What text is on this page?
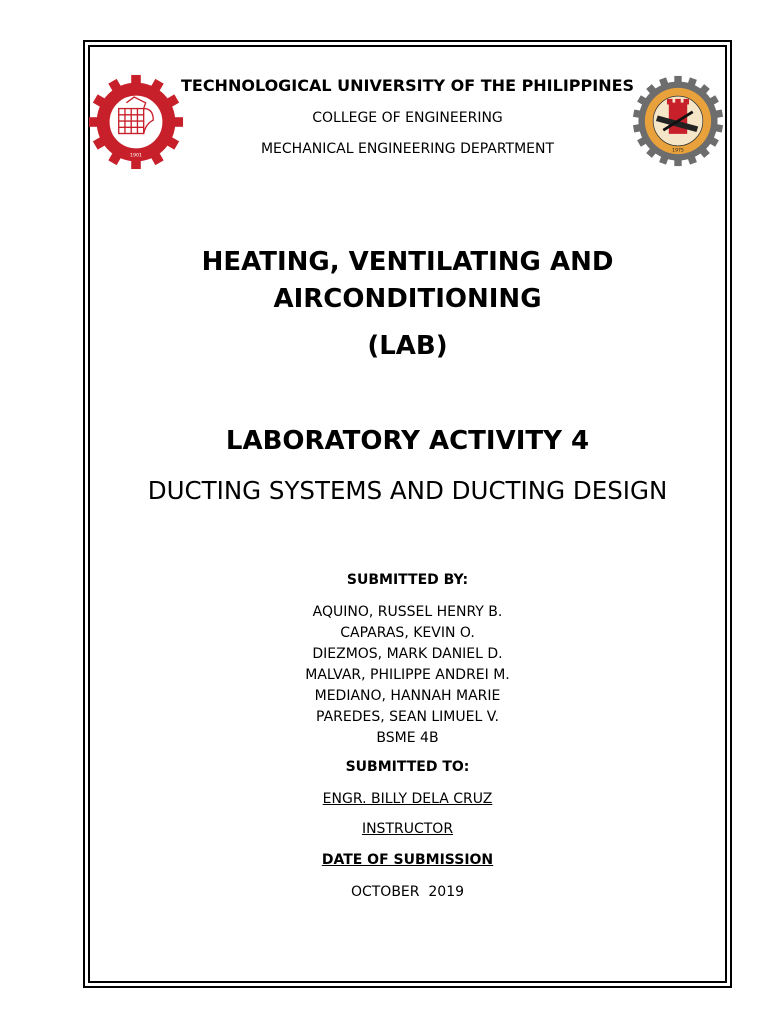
1901
1975
TECHNOLOGICAL UNIVERSITY OF THE PHILIPPINES
COLLEGE OF ENGINEERING
MECHANICAL ENGINEERING DEPARTMENT
HEATING, VENTILATING AND
AIRCONDITIONING
(LAB)
LABORATORY ACTIVITY 4
DUCTING SYSTEMS AND DUCTING DESIGN
SUBMITTED BY:
AQUINO, RUSSEL HENRY B.
CAPARAS, KEVIN O.
DIEZMOS, MARK DANIEL D.
MALVAR, PHILIPPE ANDREI M.
MEDIANO, HANNAH MARIE
PAREDES, SEAN LIMUEL V.
BSME 4B
SUBMITTED TO:
ENGR. BILLY DELA CRUZ
INSTRUCTOR
DATE OF SUBMISSION
OCTOBER  2019
